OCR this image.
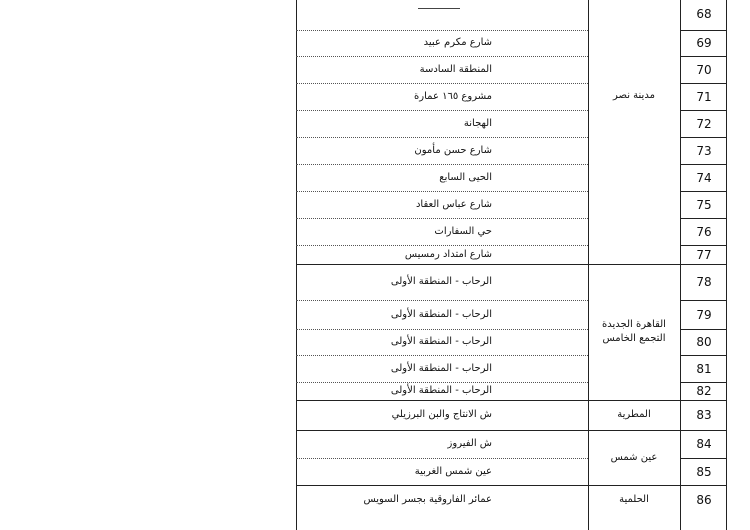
68
69
شارع مكرم عبيد
70
المنطقة السادسة
71
مشروع ١٦٥ عمارة
72
الهجانة
73
شارع حسن مأمون
74
الحيى السابع
75
شارع عباس العقاد
76
حي السفارات
77
شارع امتداد رمسيس
78
الرحاب - المنطقة الأولى
79
الرحاب - المنطقة الأولى
80
الرحاب - المنطقة الأولى
81
الرحاب - المنطقة الأولى
82
الرحاب - المنطقة الأولى
83
ش الانتاج والبن البرزيلي
84
ش الفيروز
85
عين شمس الغربية
86
عمائر الفاروقية بجسر السويس
مدينة نصر
القاهرة الجديدة
التجمع الخامس
المطرية
عين شمس
الحلمية
